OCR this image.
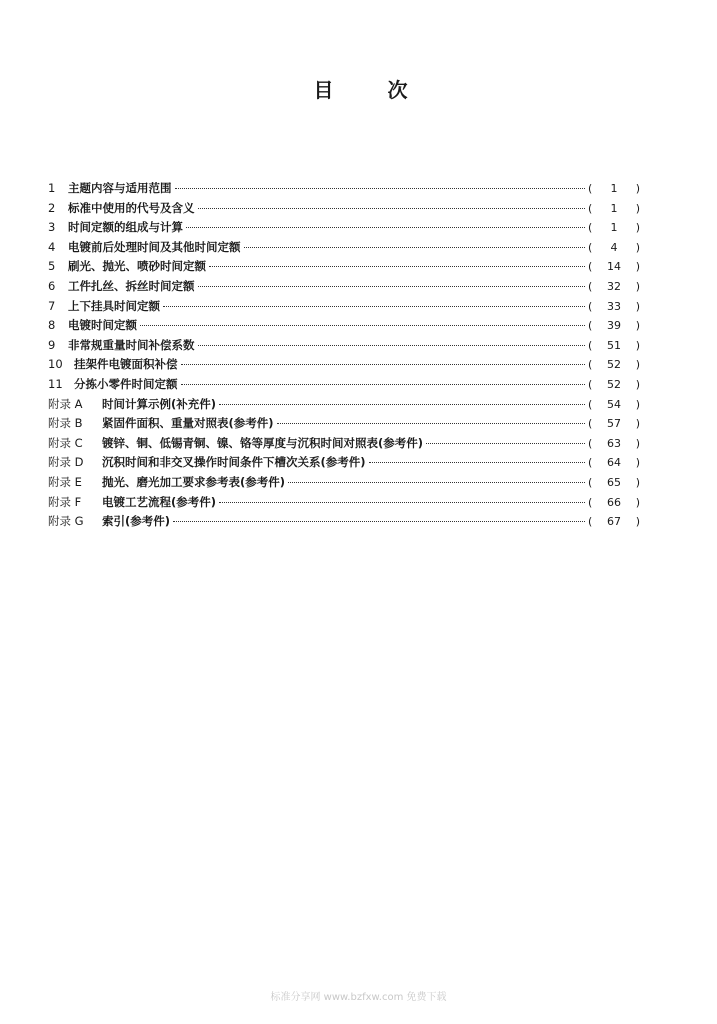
目	次
1	主题内容与适用范围	(	1	)
2	标准中使用的代号及含义	(	1	)
3	时间定额的组成与计算	(	1	)
4	电镀前后处理时间及其他时间定额	(	4	)
5	刷光、抛光、喷砂时间定额	(	14	)
6	工件扎丝、拆丝时间定额	(	32	)
7	上下挂具时间定额	(	33	)
8	电镀时间定额	(	39	)
9	非常规重量时间补偿系数	(	51	)
10 挂架件电镀面积补偿	(	52	)
11 分拣小零件时间定额	(	52	)
附录 A	时间计算示例(补充件)	(	54	)
附录 B	紧固件面积、重量对照表(参考件)	(	57	)
附录 C	镀锌、铜、低锡青铜、镍、铬等厚度与沉积时间对照表(参考件)	(	63	)
附录 D	沉积时间和非交叉操作时间条件下槽次关系(参考件)	(	64	)
附录 E	抛光、磨光加工要求参考表(参考件)	(	65	)
附录 F	电镀工艺流程(参考件)	(	66	)
附录 G	索引(参考件)	(	67	)
标准分享网 www.bzfxw.com 免费下载
